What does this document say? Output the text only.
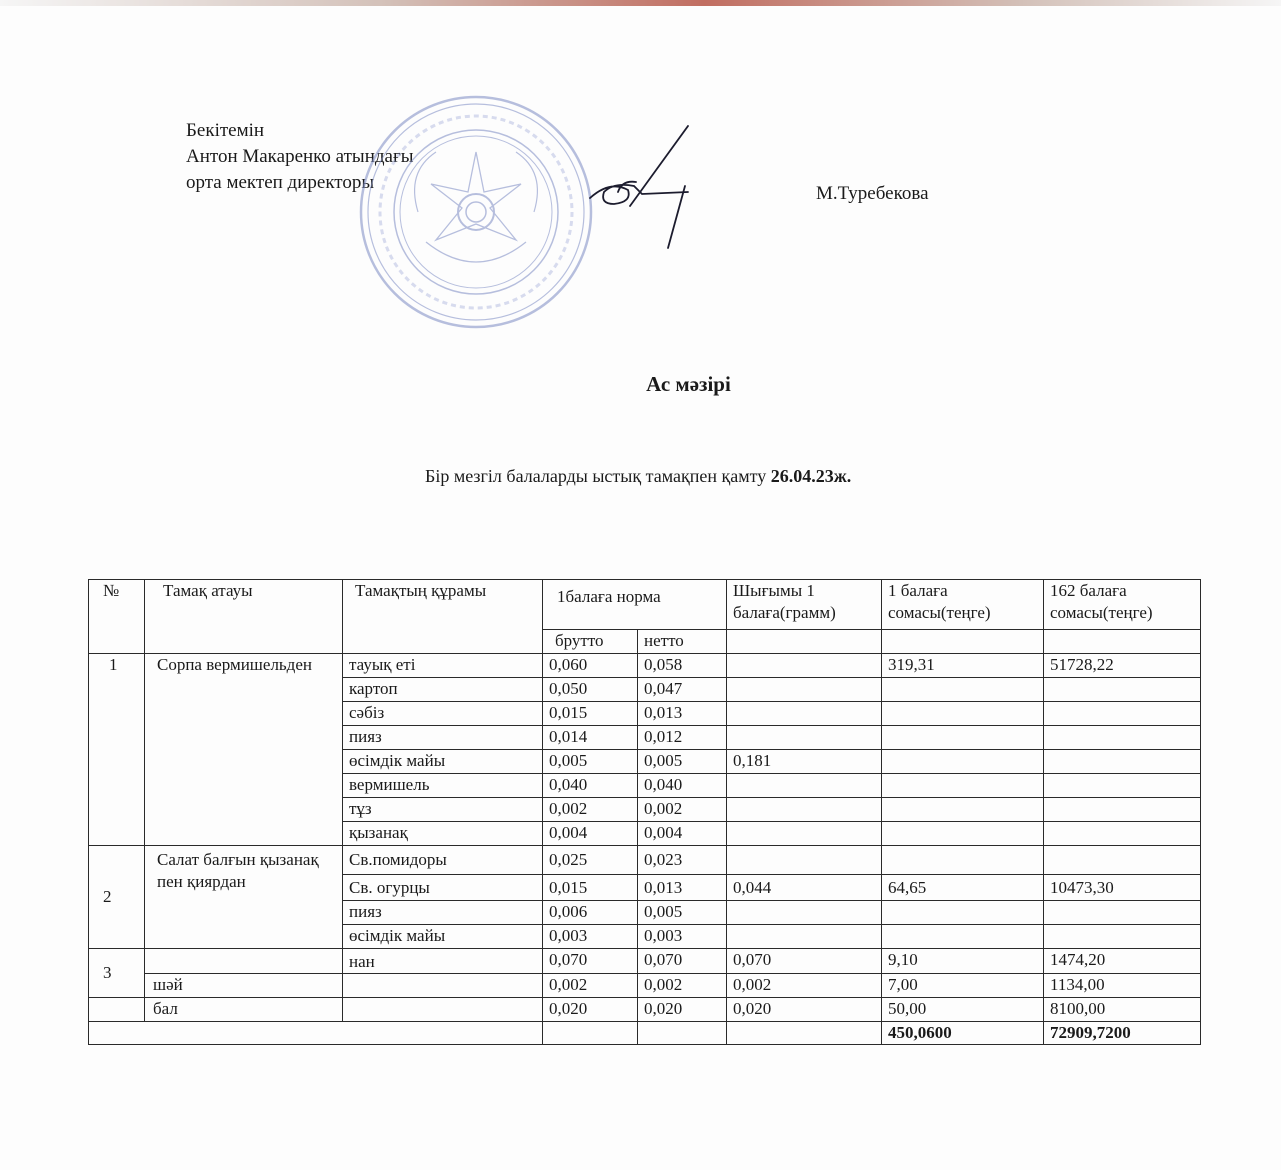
Бекітемін
Антон Макаренко атындағы
орта мектеп директоры
М.Туребекова
Ас мәзірі
Бір мезгіл балаларды ыстық тамақпен қамту 26.04.23ж.
№	Тамақ атауы	Тамақтың құрамы	1балаға норма		Шығымы 1 балаға(грамм)	1 балаға сомасы(теңге)	162 балаға сомасы(теңге)
			брутто	нетто			
1	Сорпа вермишельден	тауық еті	0,060	0,058		319,31	51728,22
		картоп	0,050	0,047			
		сәбіз	0,015	0,013			
		пияз	0,014	0,012			
		өсімдік майы	0,005	0,005	0,181		
		вермишель	0,040	0,040			
		тұз	0,002	0,002			
		қызанақ	0,004	0,004			
2	Салат балғын қызанақ пен қиярдан	Св.помидоры	0,025	0,023			
		Св. огурцы	0,015	0,013	0,044	64,65	10473,30
		пияз	0,006	0,005			
		өсімдік майы	0,003	0,003			
3		нан	0,070	0,070	0,070	9,10	1474,20
	шәй		0,002	0,002	0,002	7,00	1134,00
	бал		0,020	0,020	0,020	50,00	8100,00
						450,0600	72909,7200
